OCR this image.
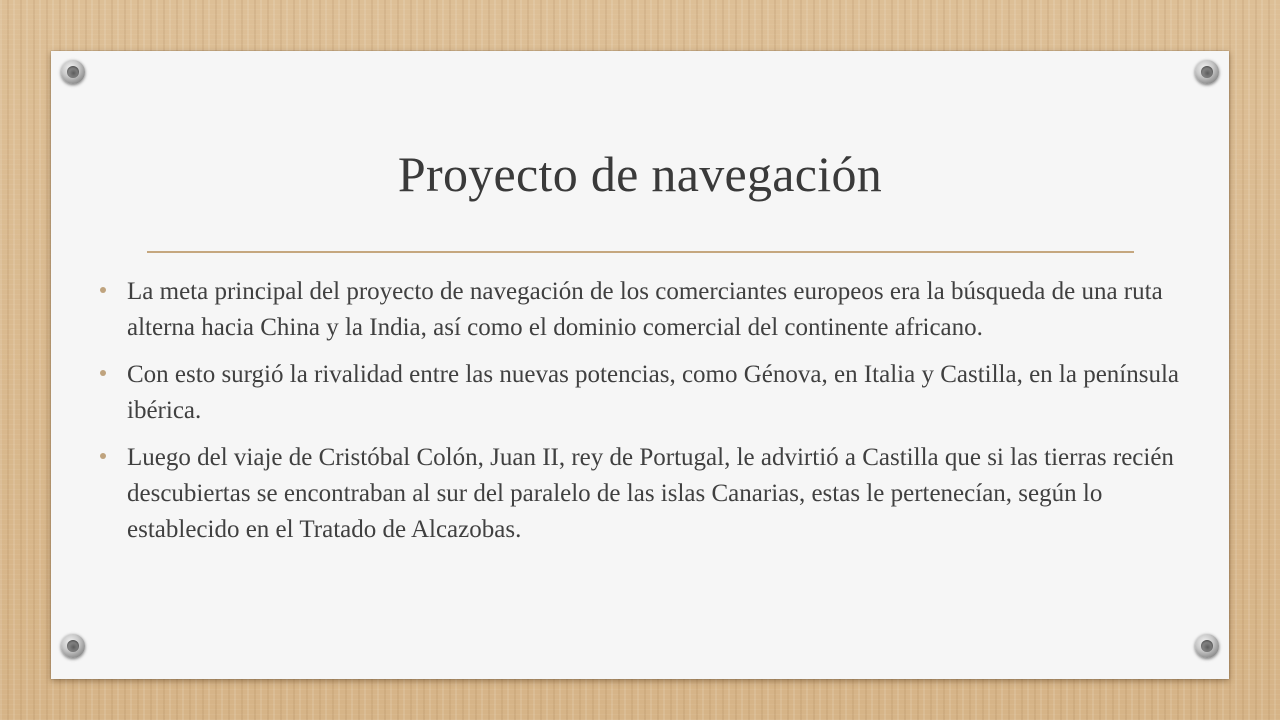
Proyecto de navegación
La meta principal del proyecto de navegación de los comerciantes europeos era la búsqueda de una ruta alterna hacia China y la India, así como el dominio comercial del continente africano.
Con esto surgió la rivalidad entre las nuevas potencias, como Génova, en Italia y Castilla, en la península ibérica.
Luego del viaje de Cristóbal Colón, Juan II, rey de Portugal, le advirtió a Castilla que si las tierras recién descubiertas se encontraban al sur del paralelo de las islas Canarias, estas le pertenecían, según lo establecido en el Tratado de Alcazobas.
